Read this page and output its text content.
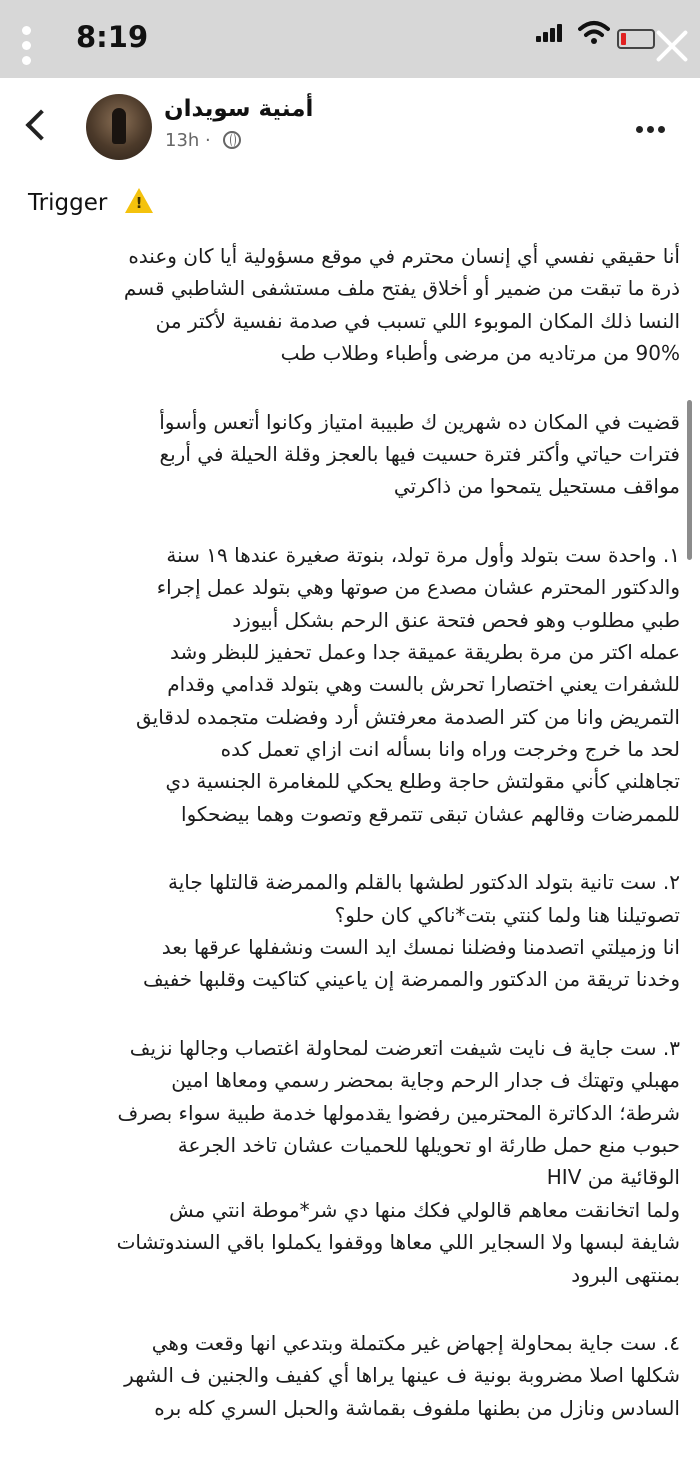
8:19
أمنية سويدان
13h ·
Trigger !
أنا حقيقي نفسي أي إنسان محترم في موقع مسؤولية أيا كان وعنده
ذرة ما تبقت من ضمير أو أخلاق يفتح ملف مستشفى الشاطبي قسم
النسا ذلك المكان الموبوء اللي تسبب في صدمة نفسية لأكتر من
90% من مرتاديه من مرضى وأطباء وطلاب طب
قضيت في المكان ده شهرين ك طبيبة امتياز وكانوا أتعس وأسوأ
فترات حياتي وأكتر فترة حسيت فيها بالعجز وقلة الحيلة في أربع
مواقف مستحيل يتمحوا من ذاكرتي
١. واحدة ست بتولد وأول مرة تولد، بنوتة صغيرة عندها ١٩ سنة
والدكتور المحترم عشان مصدع من صوتها وهي بتولد عمل إجراء
طبي مطلوب وهو فحص فتحة عنق الرحم بشكل أبيوزد
عمله اكتر من مرة بطريقة عميقة جدا وعمل تحفيز للبظر وشد
للشفرات يعني اختصارا تحرش بالست وهي بتولد قدامي وقدام
التمريض وانا من كتر الصدمة معرفتش أرد وفضلت متجمده لدقايق
لحد ما خرج وخرجت وراه وانا بسأله انت ازاي تعمل كده
تجاهلني كأني مقولتش حاجة وطلع يحكي للمغامرة الجنسية دي
للممرضات وقالهم عشان تبقى تتمرقع وتصوت وهما بيضحكوا
٢. ست تانية بتولد الدكتور لطشها بالقلم والممرضة قالتلها جاية
تصوتيلنا هنا ولما كنتي بتت*ناكي كان حلو؟
انا وزميلتي اتصدمنا وفضلنا نمسك ايد الست ونشفلها عرقها بعد
وخدنا تريقة من الدكتور والممرضة إن ياعيني كتاكيت وقلبها خفيف
٣. ست جاية ف نايت شيفت اتعرضت لمحاولة اغتصاب وجالها نزيف
مهبلي وتهتك ف جدار الرحم وجاية بمحضر رسمي ومعاها امين
شرطة؛ الدكاترة المحترمين رفضوا يقدمولها خدمة طبية سواء بصرف
حبوب منع حمل طارئة او تحويلها للحميات عشان تاخد الجرعة
الوقائية من HIV
ولما اتخانقت معاهم قالولي فكك منها دي شر*موطة انتي مش
شايفة لبسها ولا السجاير اللي معاها ووقفوا يكملوا باقي السندوتشات
بمنتهى البرود
٤. ست جاية بمحاولة إجهاض غير مكتملة وبتدعي انها وقعت وهي
شكلها اصلا مضروبة بونية ف عينها يراها أي كفيف والجنين ف الشهر
السادس ونازل من بطنها ملفوف بقماشة والحبل السري كله بره
